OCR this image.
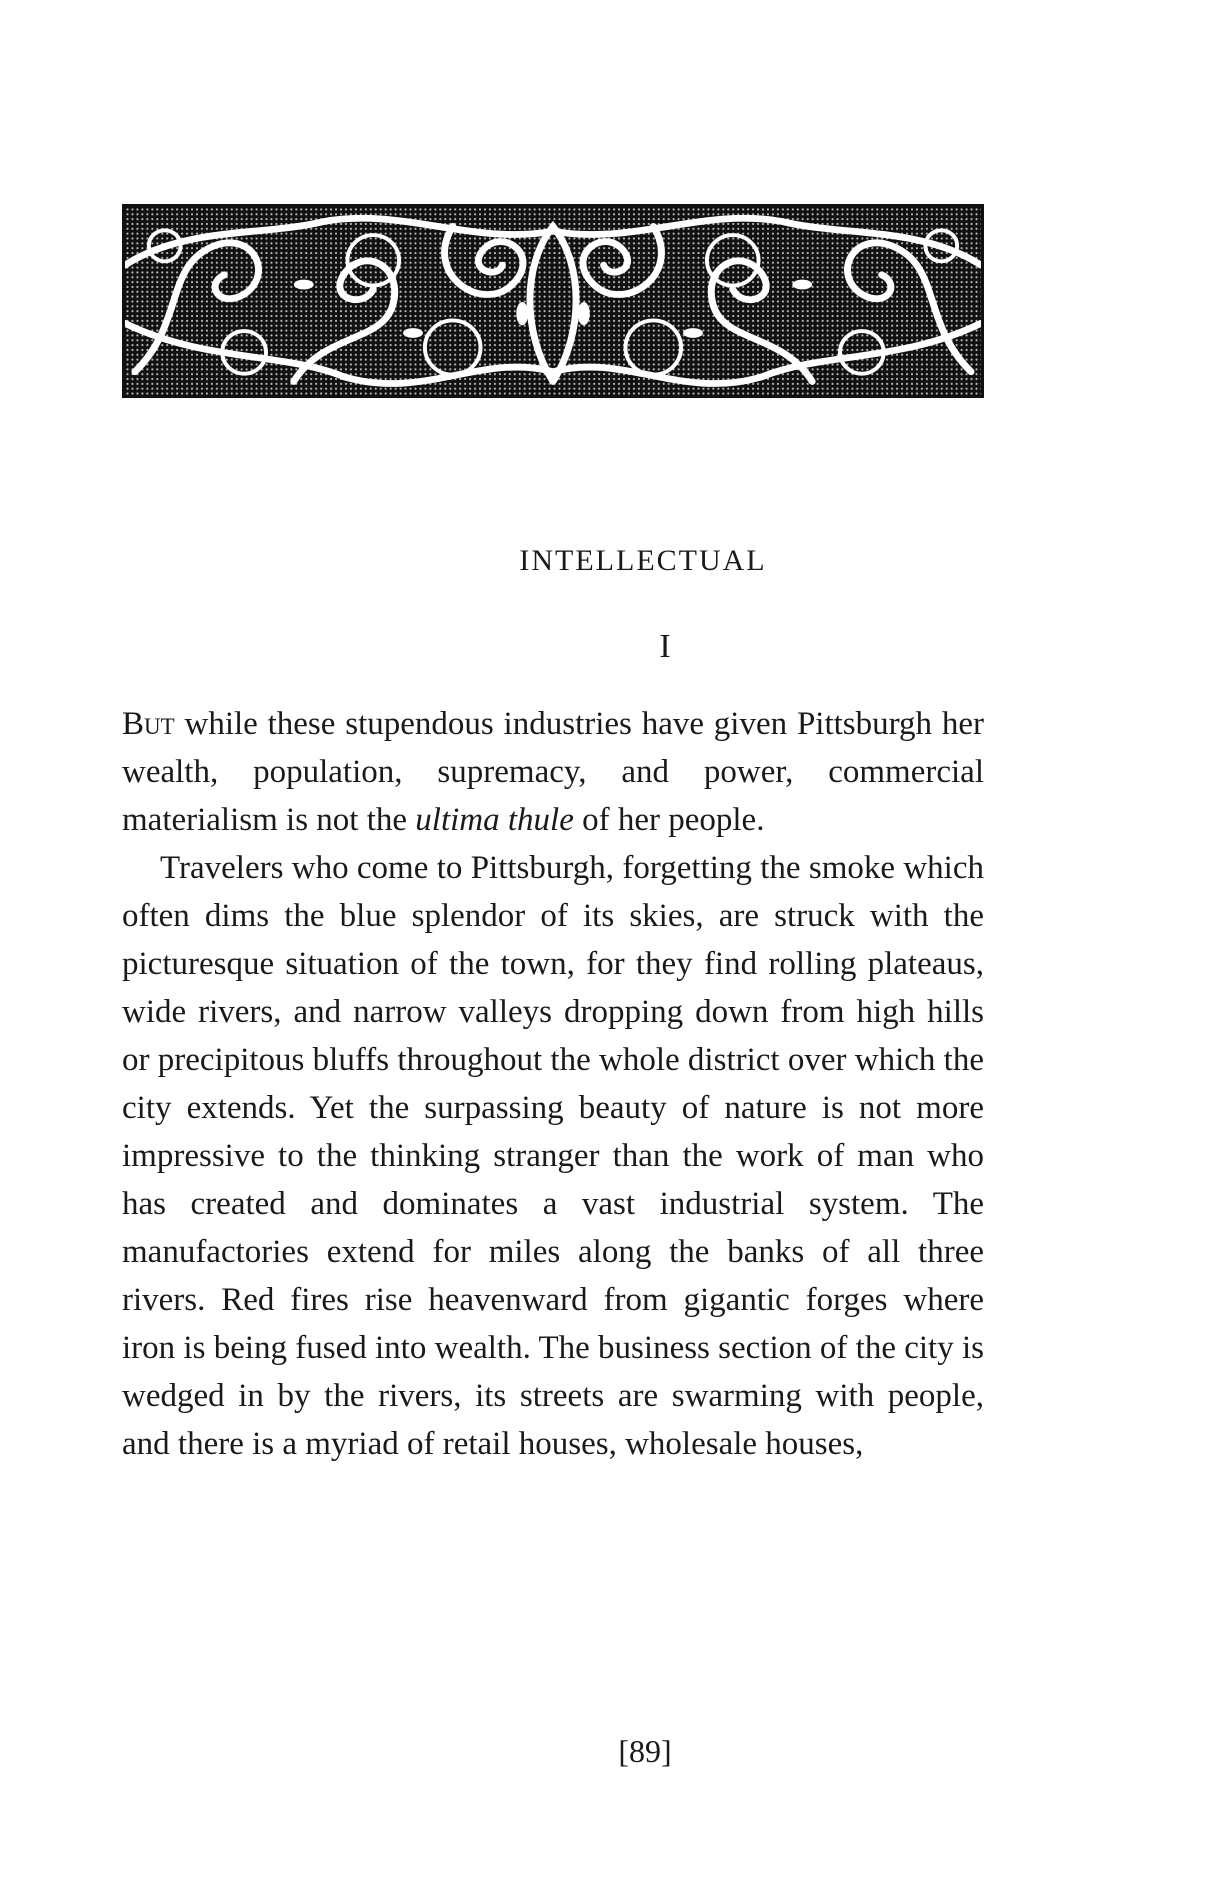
INTELLECTUAL
I

But while these stupendous industries have given Pittsburgh her wealth, population, supremacy, and power, commercial materialism is not the ultima thule of her people.

Travelers who come to Pittsburgh, forgetting the smoke which often dims the blue splendor of its skies, are struck with the picturesque situation of the town, for they find rolling plateaus, wide rivers, and narrow valleys dropping down from high hills or precipitous bluffs throughout the whole district over which the city extends. Yet the surpassing beauty of nature is not more impressive to the thinking stranger than the work of man who has created and dominates a vast industrial system. The manufactories extend for miles along the banks of all three rivers. Red fires rise heavenward from gigantic forges where iron is being fused into wealth. The business section of the city is wedged in by the rivers, its streets are swarming with people, and there is a myriad of retail houses, wholesale houses,

[89]
